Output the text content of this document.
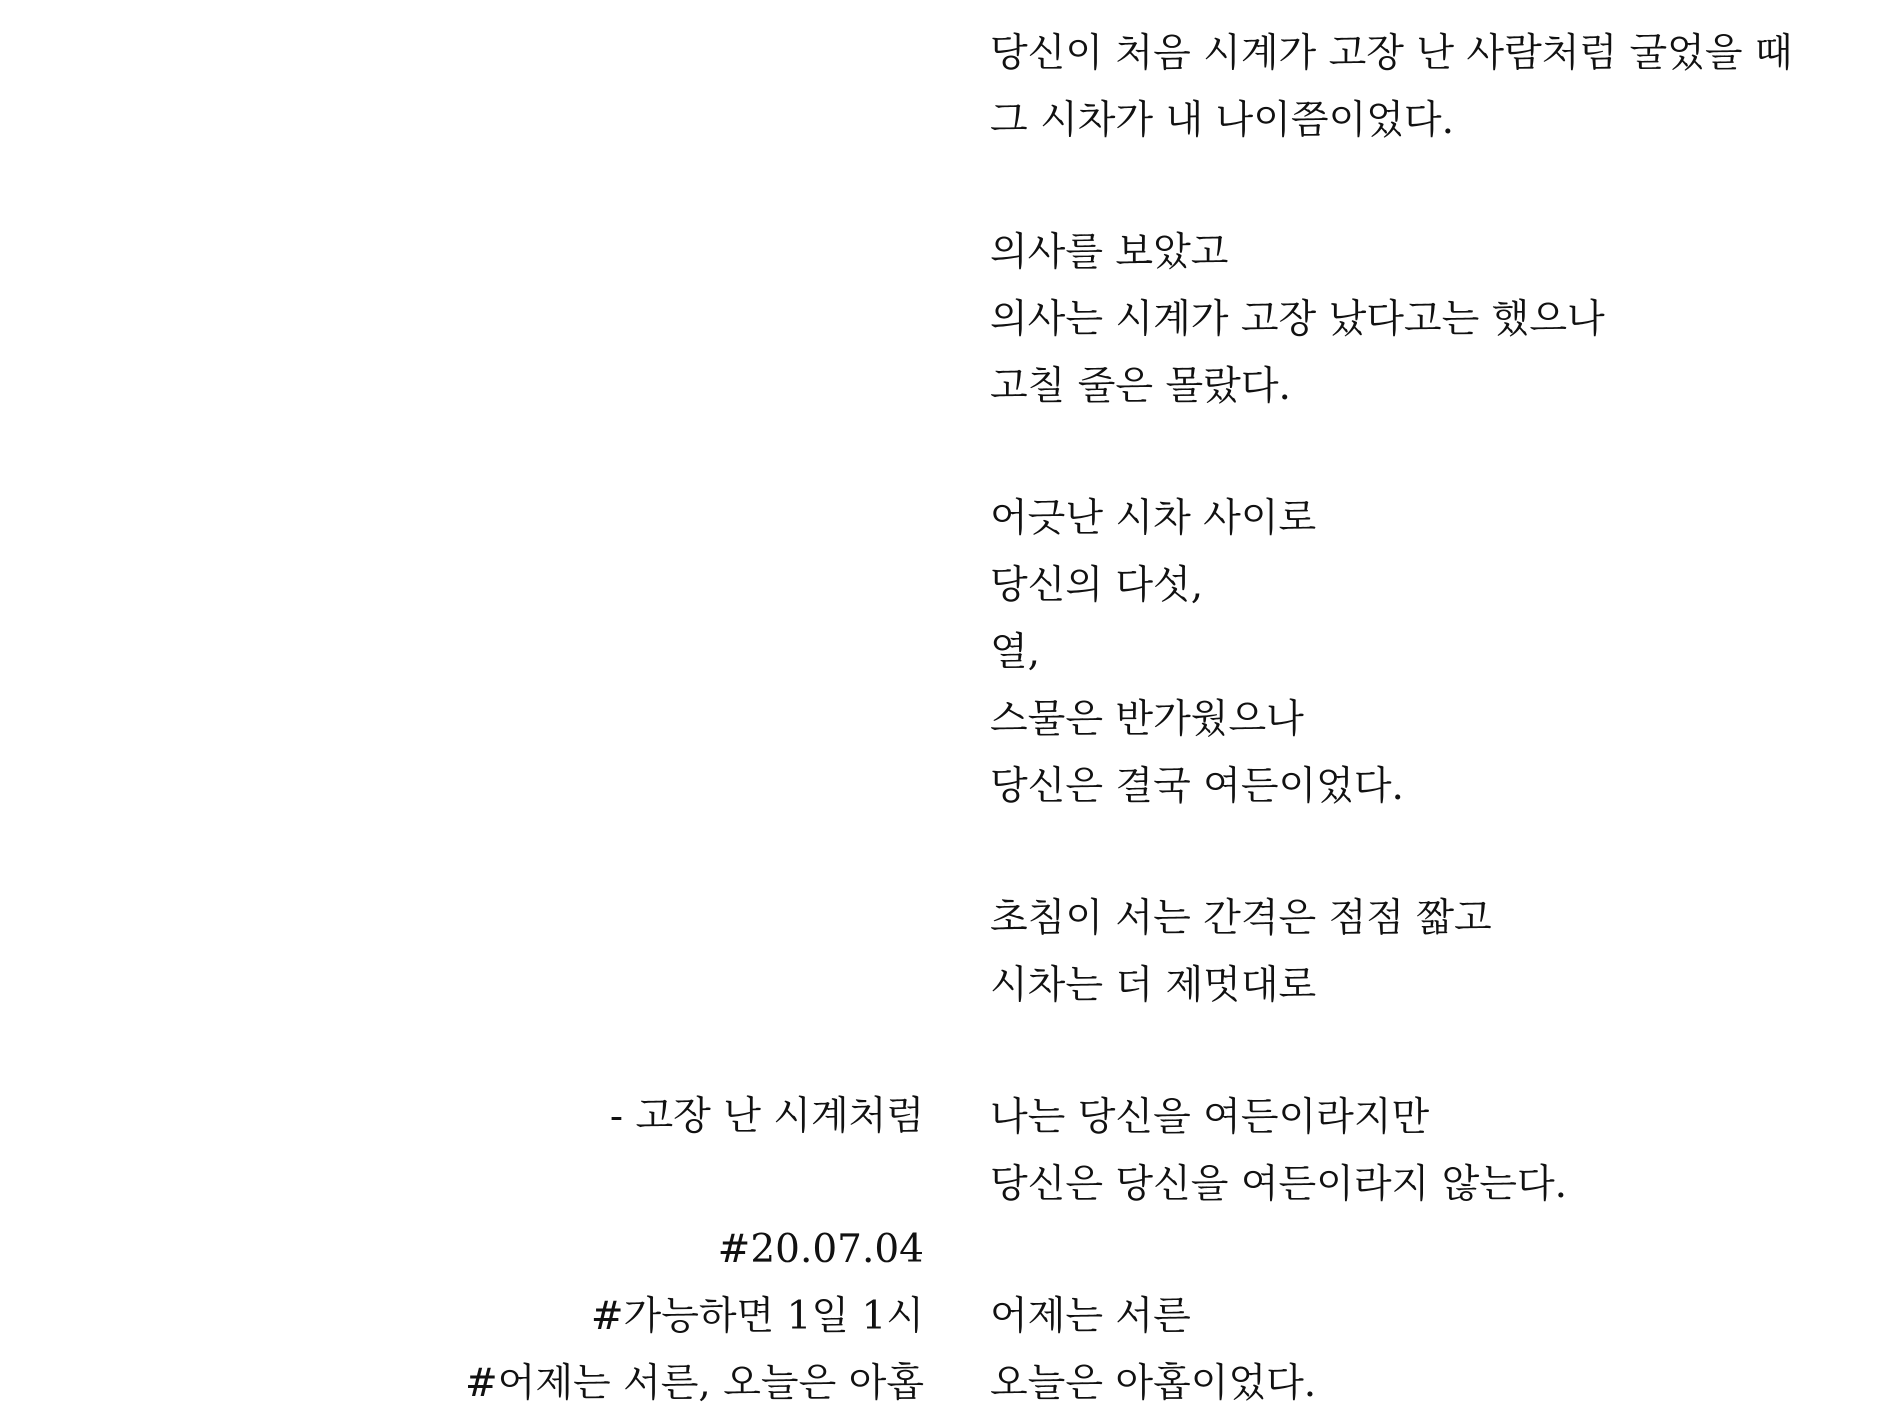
당신이 처음 시계가 고장 난 사람처럼 굴었을 때
그 시차가 내 나이쯤이었다.
의사를 보았고
의사는 시계가 고장 났다고는 했으나
고칠 줄은 몰랐다.
어긋난 시차 사이로
당신의 다섯,
열,
스물은 반가웠으나
당신은 결국 여든이었다.
초침이 서는 간격은 점점 짧고
시차는 더 제멋대로
나는 당신을 여든이라지만
당신은 당신을 여든이라지 않는다.
어제는 서른
오늘은 아홉이었다.
- 고장 난 시계처럼
#20.07.04
#가능하면 1일 1시
#어제는 서른, 오늘은 아홉
